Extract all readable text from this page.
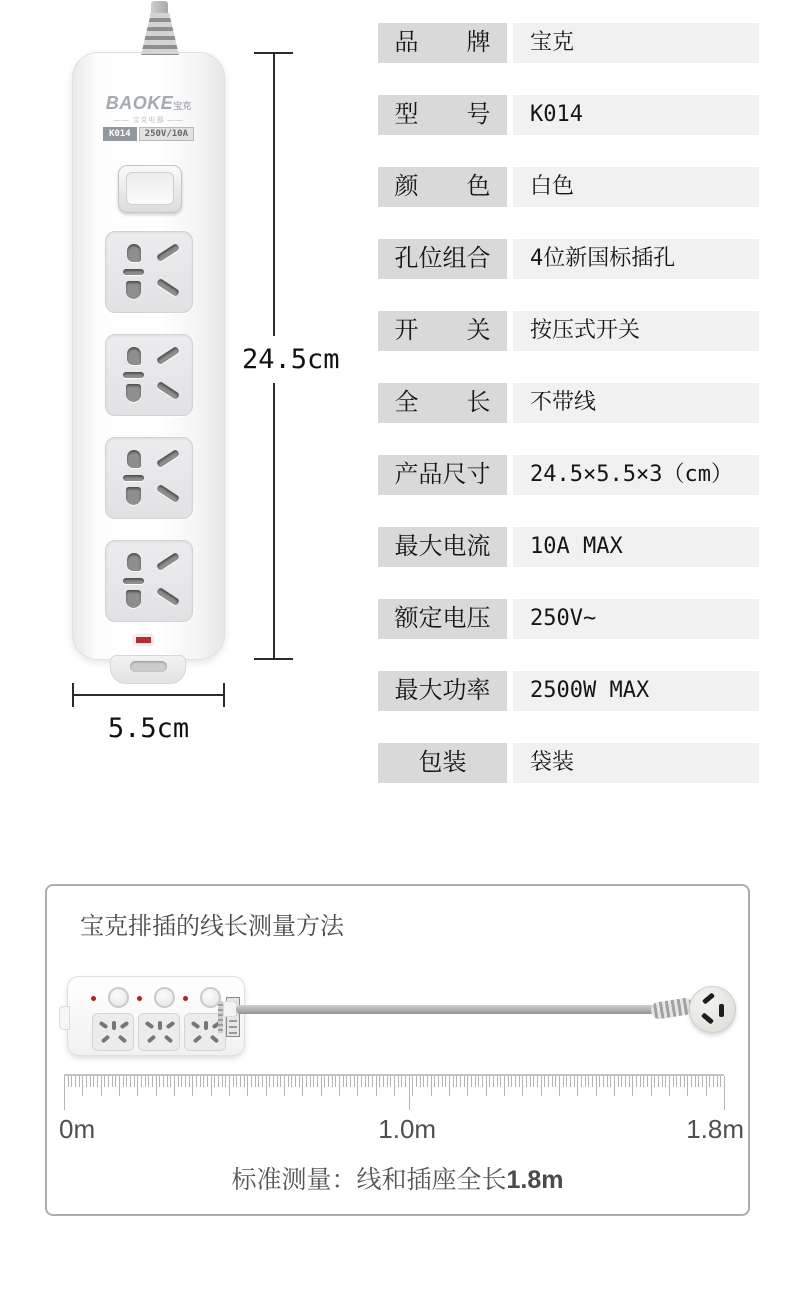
BAOKE宝克
—— 宝克电器 ——
K014	250V/10A
24.5cm
5.5cm
品　　牌	宝克
型　　号	K014
颜　　色	白色
孔位组合	4位新国标插孔
开　　关	按压式开关
全　　长	不带线
产品尺寸	24.5×5.5×3（cm）
最大电流	10A MAX
额定电压	250V~
最大功率	2500W MAX
包装	袋装
宝克排插的线长测量方法
0m	1.0m	1.8m
标准测量：线和插座全长1.8m
